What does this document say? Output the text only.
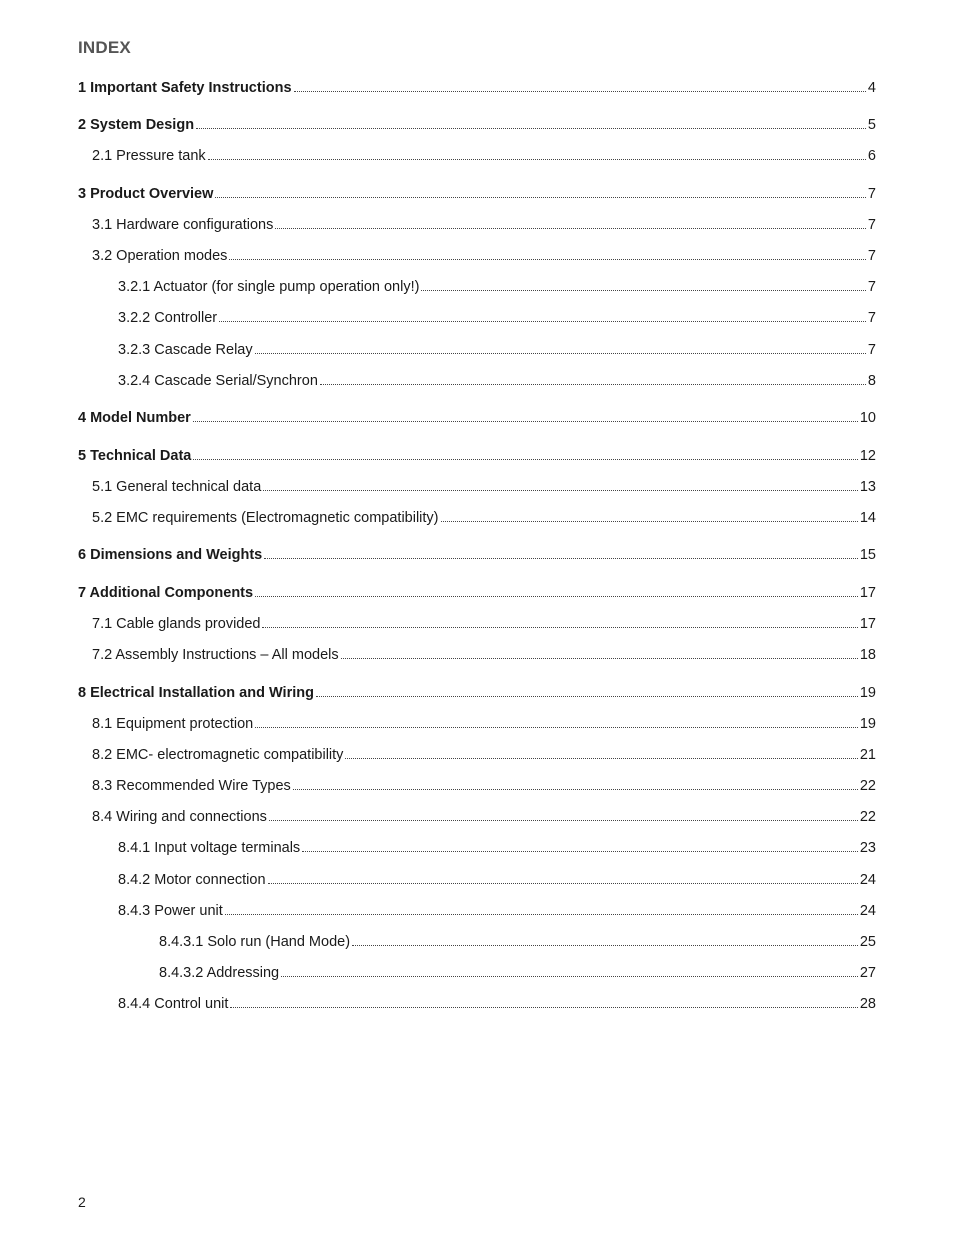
INDEX
1 Important Safety Instructions	4
2 System Design	5
2.1 Pressure tank	6
3 Product Overview	7
3.1 Hardware configurations	7
3.2 Operation modes	7
3.2.1 Actuator (for single pump operation only!)	7
3.2.2 Controller	7
3.2.3 Cascade Relay	7
3.2.4 Cascade Serial/Synchron	8
4 Model Number	10
5 Technical Data	12
5.1 General technical data	13
5.2 EMC requirements (Electromagnetic compatibility)	14
6 Dimensions and Weights	15
7 Additional Components	17
7.1 Cable glands provided	17
7.2 Assembly Instructions – All models	18
8 Electrical Installation and Wiring	19
8.1 Equipment protection	19
8.2 EMC- electromagnetic compatibility	21
8.3 Recommended Wire Types	22
8.4 Wiring and connections	22
8.4.1 Input voltage terminals	23
8.4.2 Motor connection	24
8.4.3 Power unit	24
8.4.3.1 Solo run (Hand Mode)	25
8.4.3.2 Addressing	27
8.4.4 Control unit	28
2
